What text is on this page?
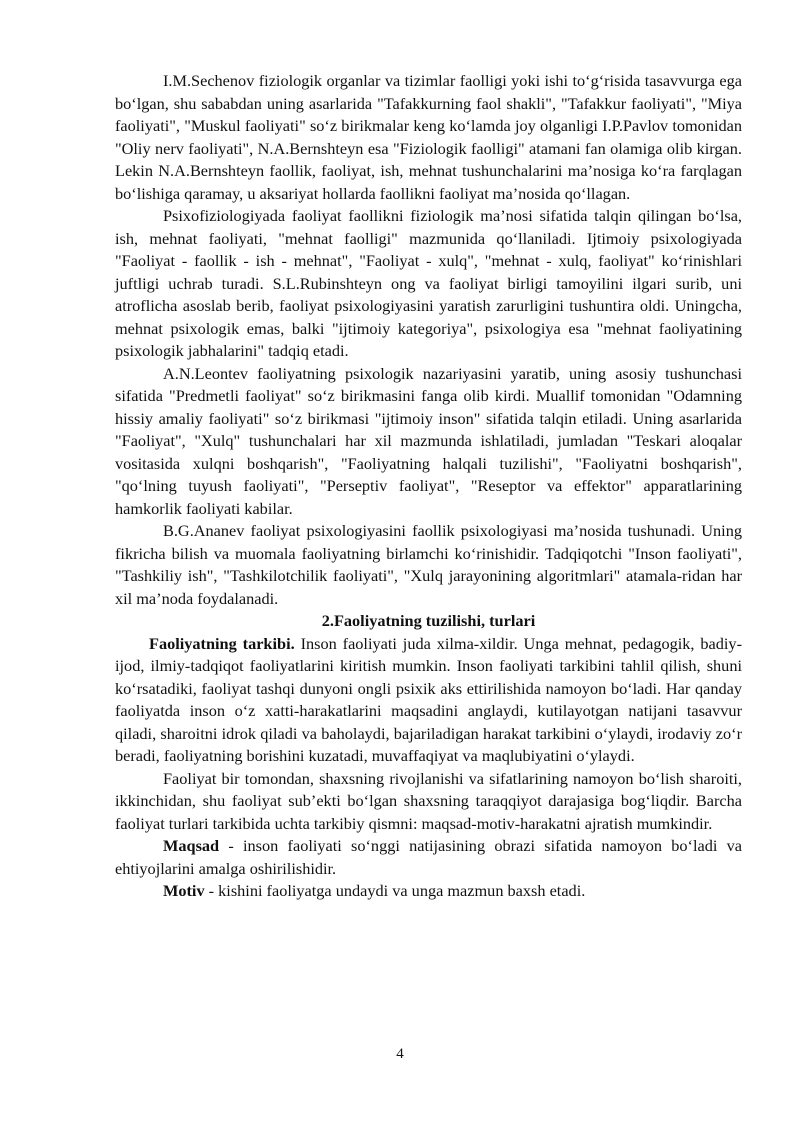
I.M.Sechenov fiziologik organlar va tizimlar faolligi yoki ishi to‘g‘risida tasavvurga ega bo‘lgan, shu sababdan uning asarlarida "Tafakkurning faol shakli", "Tafakkur faoliyati", "Miya faoliyati", "Muskul faoliyati" so‘z birikmalar keng ko‘lamda joy olganligi I.P.Pavlov tomonidan "Oliy nerv faoliyati", N.A.Bernshteyn esa "Fiziologik faolligi" atamani fan olamiga olib kirgan. Lekin N.A.Bernshteyn faollik, faoliyat, ish, mehnat tushunchalarini ma’nosiga ko‘ra farqlagan bo‘lishiga qaramay, u aksariyat hollarda faollikni faoliyat ma’nosida qo‘llagan.

Psixofiziologiyada faoliyat faollikni fiziologik ma’nosi sifatida talqin qilingan bo‘lsa, ish, mehnat faoliyati, "mehnat faolligi" mazmunida qo‘llaniladi. Ijtimoiy psixologiyada "Faoliyat - faollik - ish - mehnat", "Faoliyat - xulq", "mehnat - xulq, faoliyat" ko‘rinishlari juftligi uchrab turadi. S.L.Rubinshteyn ong va faoliyat birligi tamoyilini ilgari surib, uni atroflicha asoslab berib, faoliyat psixologiyasini yaratish zarurligini tushuntira oldi. Uningcha, mehnat psixologik emas, balki "ijtimoiy kategoriya", psixologiya esa "mehnat faoliyatining psixologik jabhalarini" tadqiq etadi.

A.N.Leontev faoliyatning psixologik nazariyasini yaratib, uning asosiy tushunchasi sifatida "Predmetli faoliyat" so‘z birikmasini fanga olib kirdi. Muallif tomonidan "Odamning hissiy amaliy faoliyati" so‘z birikmasi "ijtimoiy inson" sifatida talqin etiladi. Uning asarlarida "Faoliyat", "Xulq" tushunchalari har xil mazmunda ishlatiladi, jumladan "Teskari aloqalar vositasida xulqni boshqarish", "Faoliyatning halqali tuzilishi", "Faoliyatni boshqarish", "qo‘lning tuyush faoliyati", "Perseptiv faoliyat", "Reseptor va effektor" apparatlarining hamkorlik faoliyati kabilar.

B.G.Ananev faoliyat psixologiyasini faollik psixologiyasi ma’nosida tushunadi. Uning fikricha bilish va muomala faoliyatning birlamchi ko‘rinishidir. Tadqiqotchi "Inson faoliyati", "Tashkiliy ish", "Tashkilotchilik faoliyati", "Xulq jarayonining algoritmlari" atamala-ridan har xil ma’noda foydalanadi.

2.Faoliyatning tuzilishi, turlari

Faoliyatning tarkibi. Inson faoliyati juda xilma-xildir. Unga mehnat, pedagogik, badiy-ijod, ilmiy-tadqiqot faoliyatlarini kiritish mumkin. Inson faoliyati tarkibini tahlil qilish, shuni ko‘rsatadiki, faoliyat tashqi dunyoni ongli psixik aks ettirilishida namoyon bo‘ladi. Har qanday faoliyatda inson o‘z xatti-harakatlarini maqsadini anglaydi, kutilayotgan natijani tasavvur qiladi, sharoitni idrok qiladi va baholaydi, bajariladigan harakat tarkibini o‘ylaydi, irodaviy zo‘r beradi, faoliyatning borishini kuzatadi, muvaffaqiyat va maqlubiyatini o‘ylaydi.

Faoliyat bir tomondan, shaxsning rivojlanishi va sifatlarining namoyon bo‘lish sharoiti, ikkinchidan, shu faoliyat sub’ekti bo‘lgan shaxsning taraqqiyot darajasiga bog‘liqdir. Barcha faoliyat turlari tarkibida uchta tarkibiy qismni: maqsad-motiv-harakatni ajratish mumkindir.

Maqsad - inson faoliyati so‘nggi natijasining obrazi sifatida namoyon bo‘ladi va ehtiyojlarini amalga oshirilishidir.

Motiv - kishini faoliyatga undaydi va unga mazmun baxsh etadi.

4
